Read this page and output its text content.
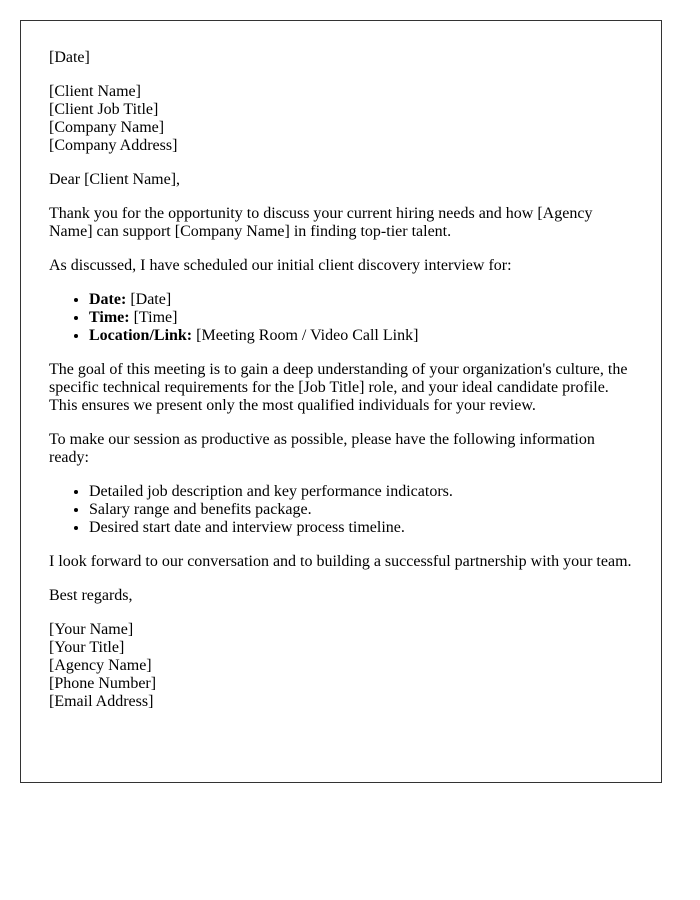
[Date]

[Client Name]
[Client Job Title]
[Company Name]
[Company Address]

Dear [Client Name],

Thank you for the opportunity to discuss your current hiring needs and how [Agency Name] can support [Company Name] in finding top-tier talent.

As discussed, I have scheduled our initial client discovery interview for:

• Date: [Date]
• Time: [Time]
• Location/Link: [Meeting Room / Video Call Link]

The goal of this meeting is to gain a deep understanding of your organization's culture, the specific technical requirements for the [Job Title] role, and your ideal candidate profile. This ensures we present only the most qualified individuals for your review.

To make our session as productive as possible, please have the following information ready:

• Detailed job description and key performance indicators.
• Salary range and benefits package.
• Desired start date and interview process timeline.

I look forward to our conversation and to building a successful partnership with your team.

Best regards,

[Your Name]
[Your Title]
[Agency Name]
[Phone Number]
[Email Address]
